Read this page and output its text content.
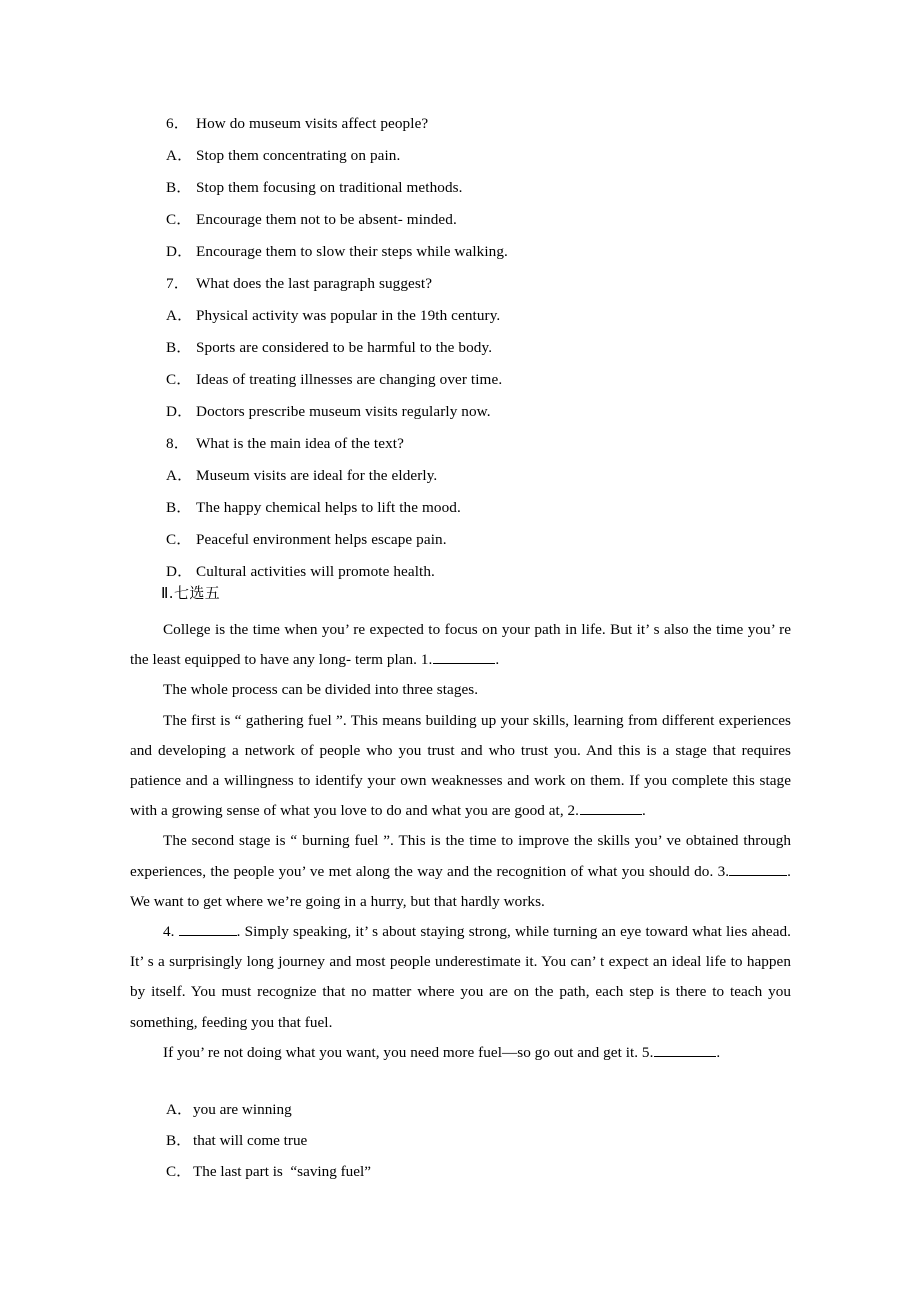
6． How do museum visits affect people?
A． Stop them concentrating on pain.
B． Stop them focusing on traditional methods.
C． Encourage them not to be absent‐ minded.
D． Encourage them to slow their steps while walking.
7． What does the last paragraph suggest?
A． Physical activity was popular in the 19th century.
B． Sports are considered to be harmful to the body.
C． Ideas of treating illnesses are changing over time.
D． Doctors prescribe museum visits regularly now.
8． What is the main idea of the text?
A． Museum visits are ideal for the elderly.
B． The happy chemical helps to lift the mood.
C． Peaceful environment helps escape pain.
D． Cultural activities will promote health.
Ⅱ.七选五

College is the time when you’ re expected to focus on your path in life. But it’ s also the time you’ re the least equipped to have any long‐ term plan. 1.	.

The whole process can be divided into three stages.

The first is “ gathering fuel ”. This means building up your skills, learning from different experiences and developing a network of people who you trust and who trust you. And this is a stage that requires patience and a willingness to identify your own weaknesses and work on them. If you complete this stage with a growing sense of what you love to do and what you are good at, 2.	.

The second stage is “ burning fuel ”. This is the time to improve the skills you’ ve obtained through experiences, the people you’ ve met along the way and the recognition of what you should do. 3.	. We want to get where we’re going in a hurry, but that hardly works.

4.	. Simply speaking, it’ s about staying strong, while turning an eye toward what lies ahead. It’ s a surprisingly long journey and most people underestimate it. You can’ t expect an ideal life to happen by itself. You must recognize that no matter where you are on the path, each step is there to teach you something, feeding you that fuel.

If you’ re not doing what you want, you need more fuel—so go out and get it. 5.	.

A．you are winning
B． that will come true
C． The last part is  “saving fuel”
